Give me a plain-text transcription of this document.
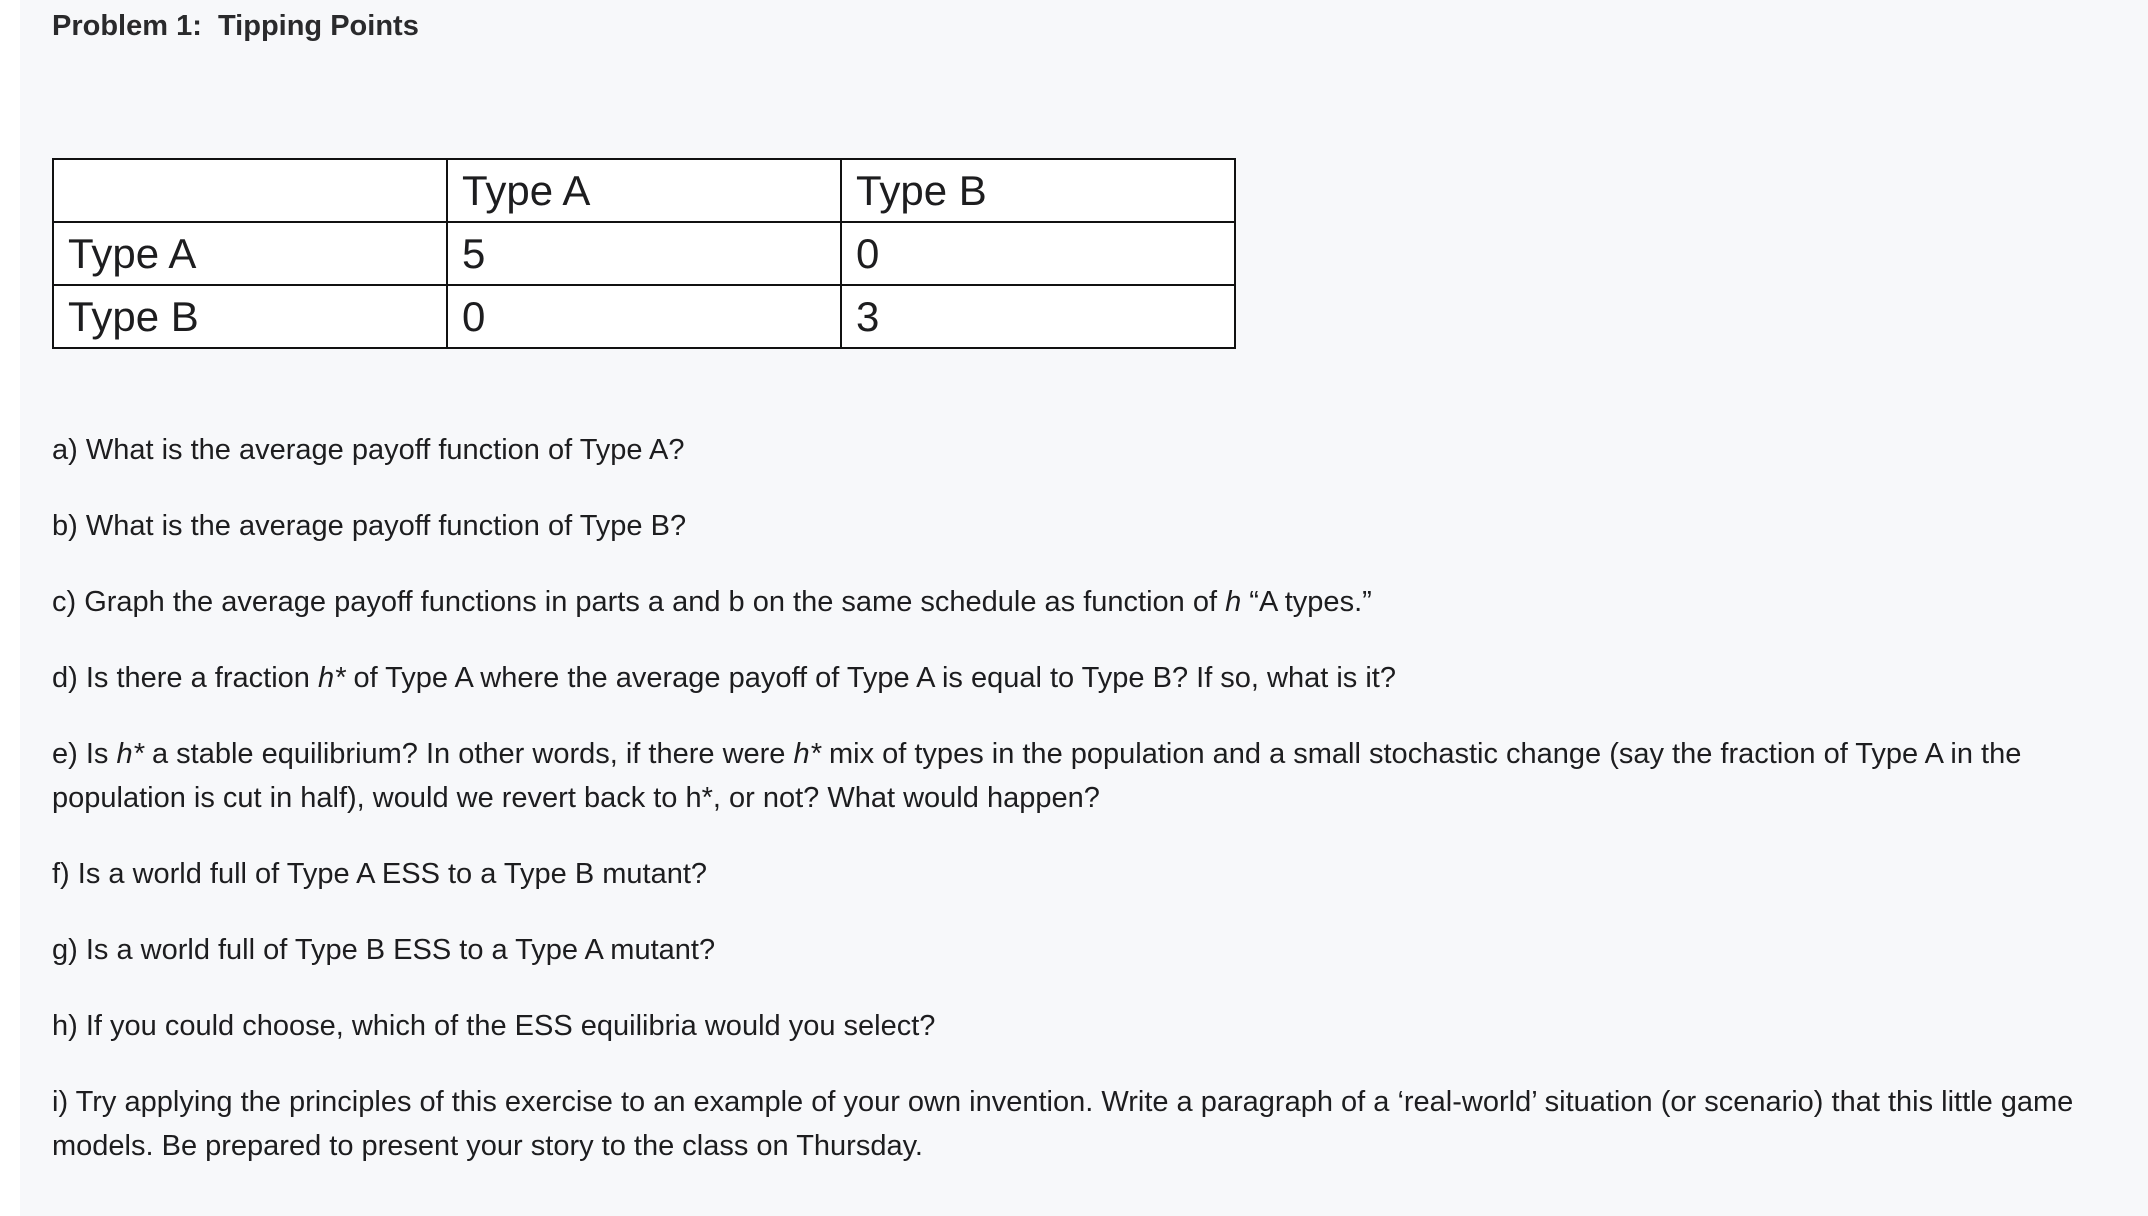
Problem 1:  Tipping Points
	Type A	Type B
Type A	5	0
Type B	0	3

a) What is the average payoff function of Type A?

b) What is the average payoff function of Type B?

c) Graph the average payoff functions in parts a and b on the same schedule as function of h “A types.”

d) Is there a fraction h* of Type A where the average payoff of Type A is equal to Type B? If so, what is it?

e) Is h* a stable equilibrium? In other words, if there were h* mix of types in the population and a small stochastic change (say the fraction of Type A in the population is cut in half), would we revert back to h*, or not? What would happen?

f) Is a world full of Type A ESS to a Type B mutant?

g) Is a world full of Type B ESS to a Type A mutant?

h) If you could choose, which of the ESS equilibria would you select?

i) Try applying the principles of this exercise to an example of your own invention. Write a paragraph of a ‘real-world’ situation (or scenario) that this little game models. Be prepared to present your story to the class on Thursday.
